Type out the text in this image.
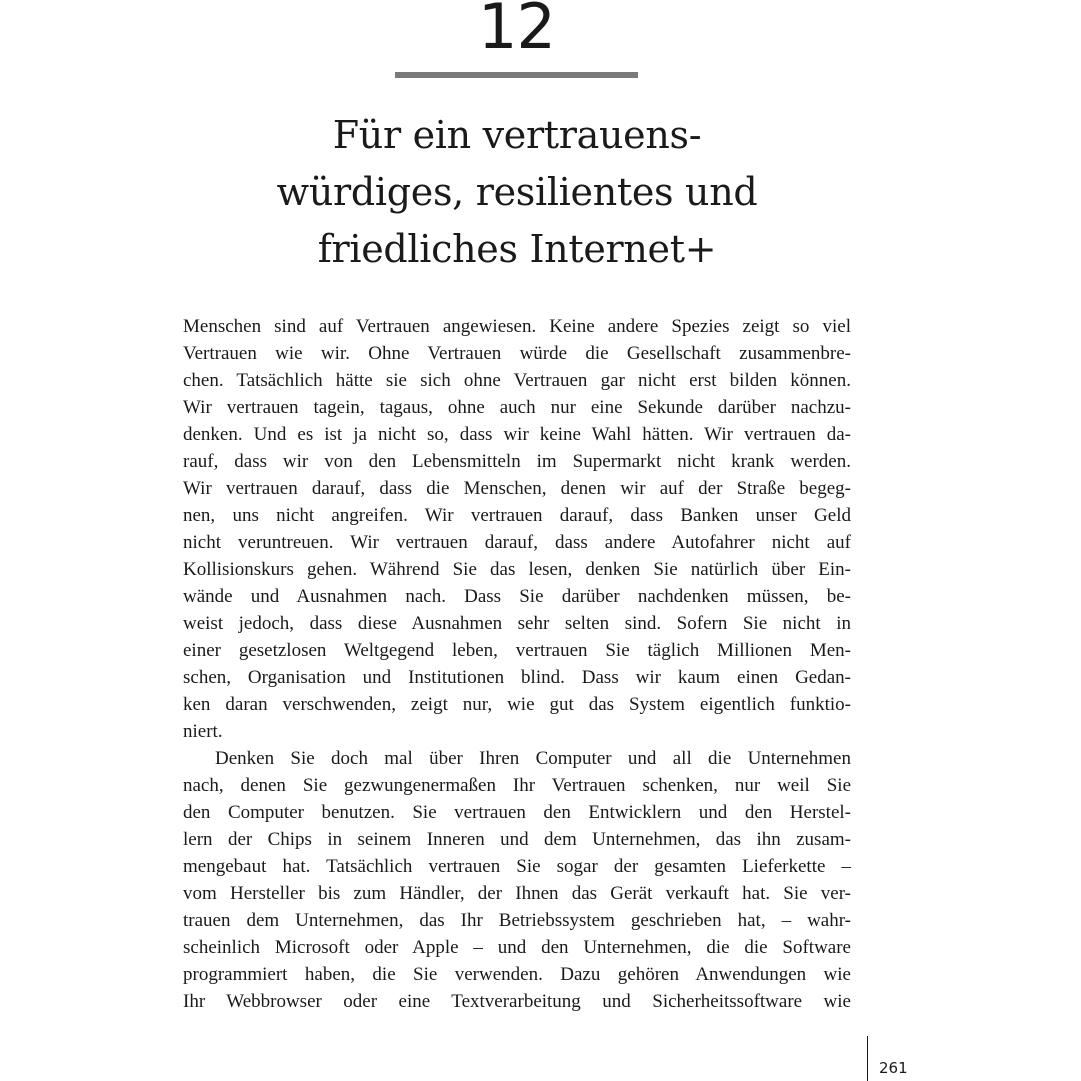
12
Für ein vertrauens-
würdiges, resilientes und
friedliches Internet+
Menschen sind auf Vertrauen angewiesen. Keine andere Spezies zeigt so viel
Vertrauen wie wir. Ohne Vertrauen würde die Gesellschaft zusammenbre-
chen. Tatsächlich hätte sie sich ohne Vertrauen gar nicht erst bilden können.
Wir vertrauen tagein, tagaus, ohne auch nur eine Sekunde darüber nachzu-
denken. Und es ist ja nicht so, dass wir keine Wahl hätten. Wir vertrauen da-
rauf, dass wir von den Lebensmitteln im Supermarkt nicht krank werden.
Wir vertrauen darauf, dass die Menschen, denen wir auf der Straße begeg-
nen, uns nicht angreifen. Wir vertrauen darauf, dass Banken unser Geld
nicht veruntreuen. Wir vertrauen darauf, dass andere Autofahrer nicht auf
Kollisionskurs gehen. Während Sie das lesen, denken Sie natürlich über Ein-
wände und Ausnahmen nach. Dass Sie darüber nachdenken müssen, be-
weist jedoch, dass diese Ausnahmen sehr selten sind. Sofern Sie nicht in
einer gesetzlosen Weltgegend leben, vertrauen Sie täglich Millionen Men-
schen, Organisation und Institutionen blind. Dass wir kaum einen Gedan-
ken daran verschwenden, zeigt nur, wie gut das System eigentlich funktio-
niert.
Denken Sie doch mal über Ihren Computer und all die Unternehmen
nach, denen Sie gezwungenermaßen Ihr Vertrauen schenken, nur weil Sie
den Computer benutzen. Sie vertrauen den Entwicklern und den Herstel-
lern der Chips in seinem Inneren und dem Unternehmen, das ihn zusam-
mengebaut hat. Tatsächlich vertrauen Sie sogar der gesamten Lieferkette –
vom Hersteller bis zum Händler, der Ihnen das Gerät verkauft hat. Sie ver-
trauen dem Unternehmen, das Ihr Betriebssystem geschrieben hat, – wahr-
scheinlich Microsoft oder Apple – und den Unternehmen, die die Software
programmiert haben, die Sie verwenden. Dazu gehören Anwendungen wie
Ihr Webbrowser oder eine Textverarbeitung und Sicherheitssoftware wie
261
